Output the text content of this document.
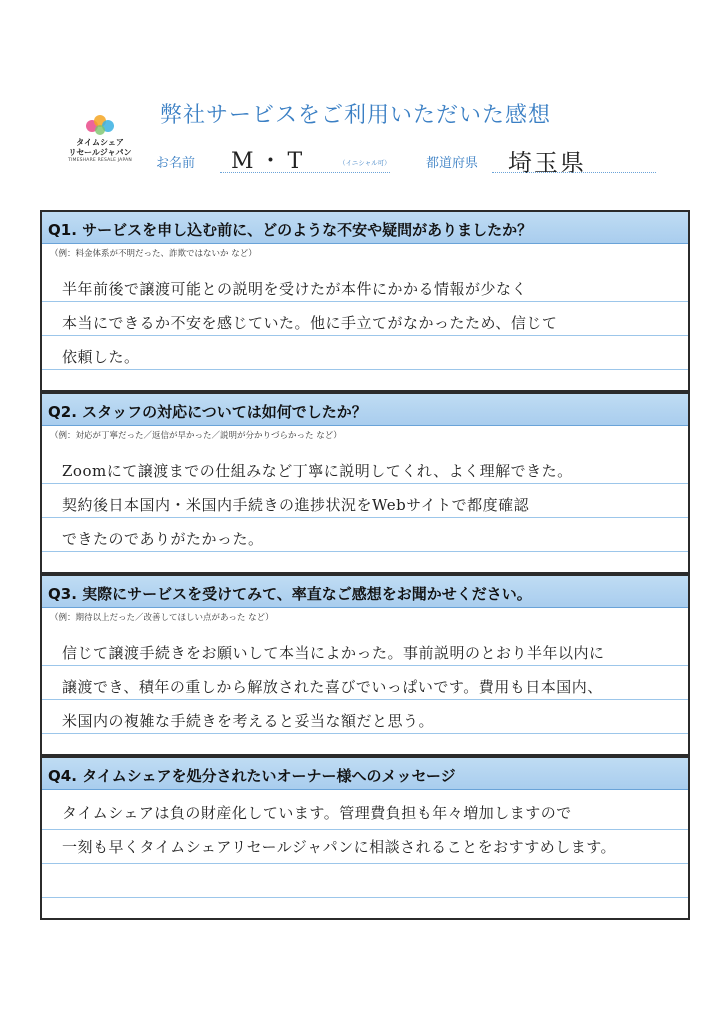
弊社サービスをご利用いただいた感想
タイムシェア
リセールジャパン
TIMESHARE RESALE JAPAN	お名前 M・T	（イニシャル可）	都道府県 埼玉県
Q1. サービスを申し込む前に、どのような不安や疑問がありましたか？
（例：料金体系が不明だった、詐欺ではないか など）

半年前後で譲渡可能との説明を受けたが本件にかかる情報が少なく

本当にできるか不安を感じていた。他に手立てがなかったため、信じて

依頼した。

Q2. スタッフの対応については如何でしたか？
（例：対応が丁寧だった／返信が早かった／説明が分かりづらかった など）

Zoomにて譲渡までの仕組みなど丁寧に説明してくれ、よく理解できた。

契約後日本国内・米国内手続きの進捗状況をWebサイトで都度確認

できたのでありがたかった。

Q3. 実際にサービスを受けてみて、率直なご感想をお聞かせください。
（例：期待以上だった／改善してほしい点があった など）

信じて譲渡手続きをお願いして本当によかった。事前説明のとおり半年以内に

譲渡でき、積年の重しから解放された喜びでいっぱいです。費用も日本国内、

米国内の複雑な手続きを考えると妥当な額だと思う。

Q4. タイムシェアを処分されたいオーナー様へのメッセージ

タイムシェアは負の財産化しています。管理費負担も年々増加しますので

一刻も早くタイムシェアリセールジャパンに相談されることをおすすめします。
